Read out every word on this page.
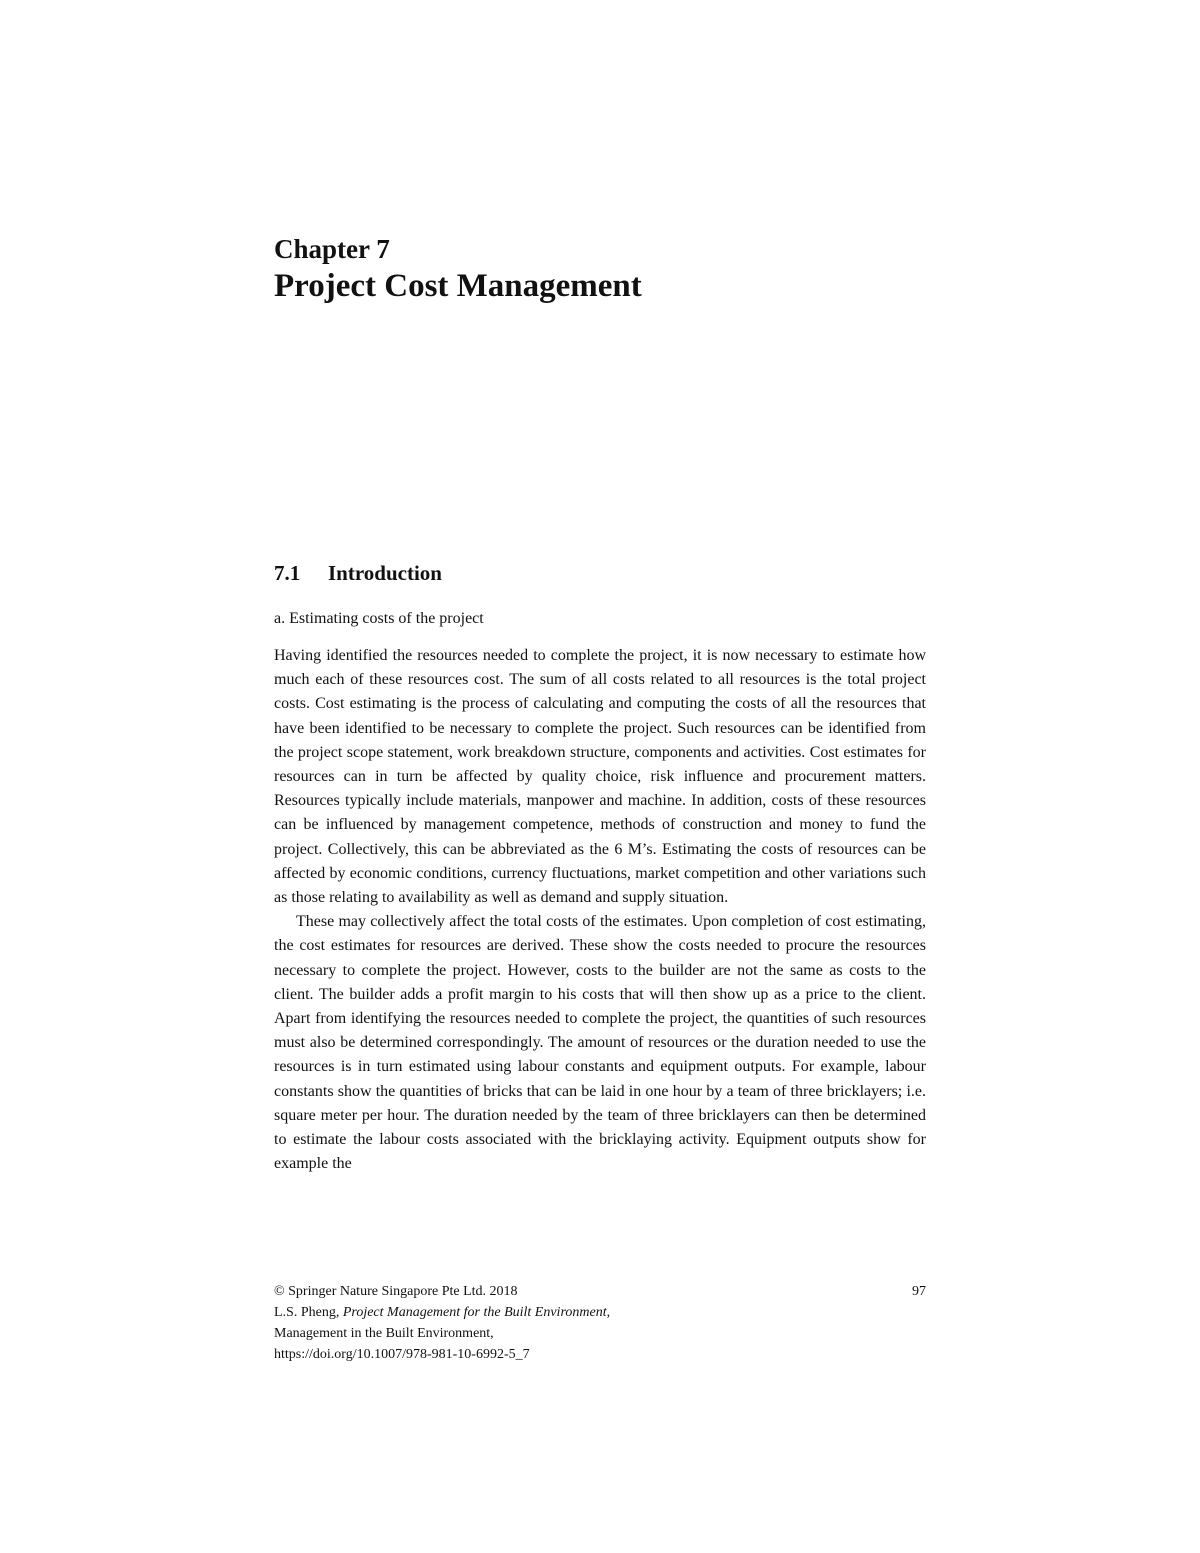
Chapter 7

Project Cost Management

7.1 Introduction

a. Estimating costs of the project

Having identified the resources needed to complete the project, it is now necessary to estimate how much each of these resources cost. The sum of all costs related to all resources is the total project costs. Cost estimating is the process of calculating and computing the costs of all the resources that have been identified to be necessary to complete the project. Such resources can be identified from the project scope statement, work breakdown structure, components and activities. Cost estimates for resources can in turn be affected by quality choice, risk influence and procurement matters. Resources typically include materials, manpower and machine. In addition, costs of these resources can be influenced by management competence, methods of construction and money to fund the project. Collectively, this can be abbreviated as the 6 M’s. Estimating the costs of resources can be affected by economic conditions, currency fluctuations, market competition and other variations such as those relating to availability as well as demand and supply situation.

These may collectively affect the total costs of the estimates. Upon completion of cost estimating, the cost estimates for resources are derived. These show the costs needed to procure the resources necessary to complete the project. However, costs to the builder are not the same as costs to the client. The builder adds a profit margin to his costs that will then show up as a price to the client. Apart from identifying the resources needed to complete the project, the quantities of such resources must also be determined correspondingly. The amount of resources or the duration needed to use the resources is in turn estimated using labour constants and equipment outputs. For example, labour constants show the quantities of bricks that can be laid in one hour by a team of three bricklayers; i.e. square meter per hour. The duration needed by the team of three bricklayers can then be determined to estimate the labour costs associated with the bricklaying activity. Equipment outputs show for example the

© Springer Nature Singapore Pte Ltd. 2018
L.S. Pheng, Project Management for the Built Environment,
Management in the Built Environment,
https://doi.org/10.1007/978-981-10-6992-5_7
97
